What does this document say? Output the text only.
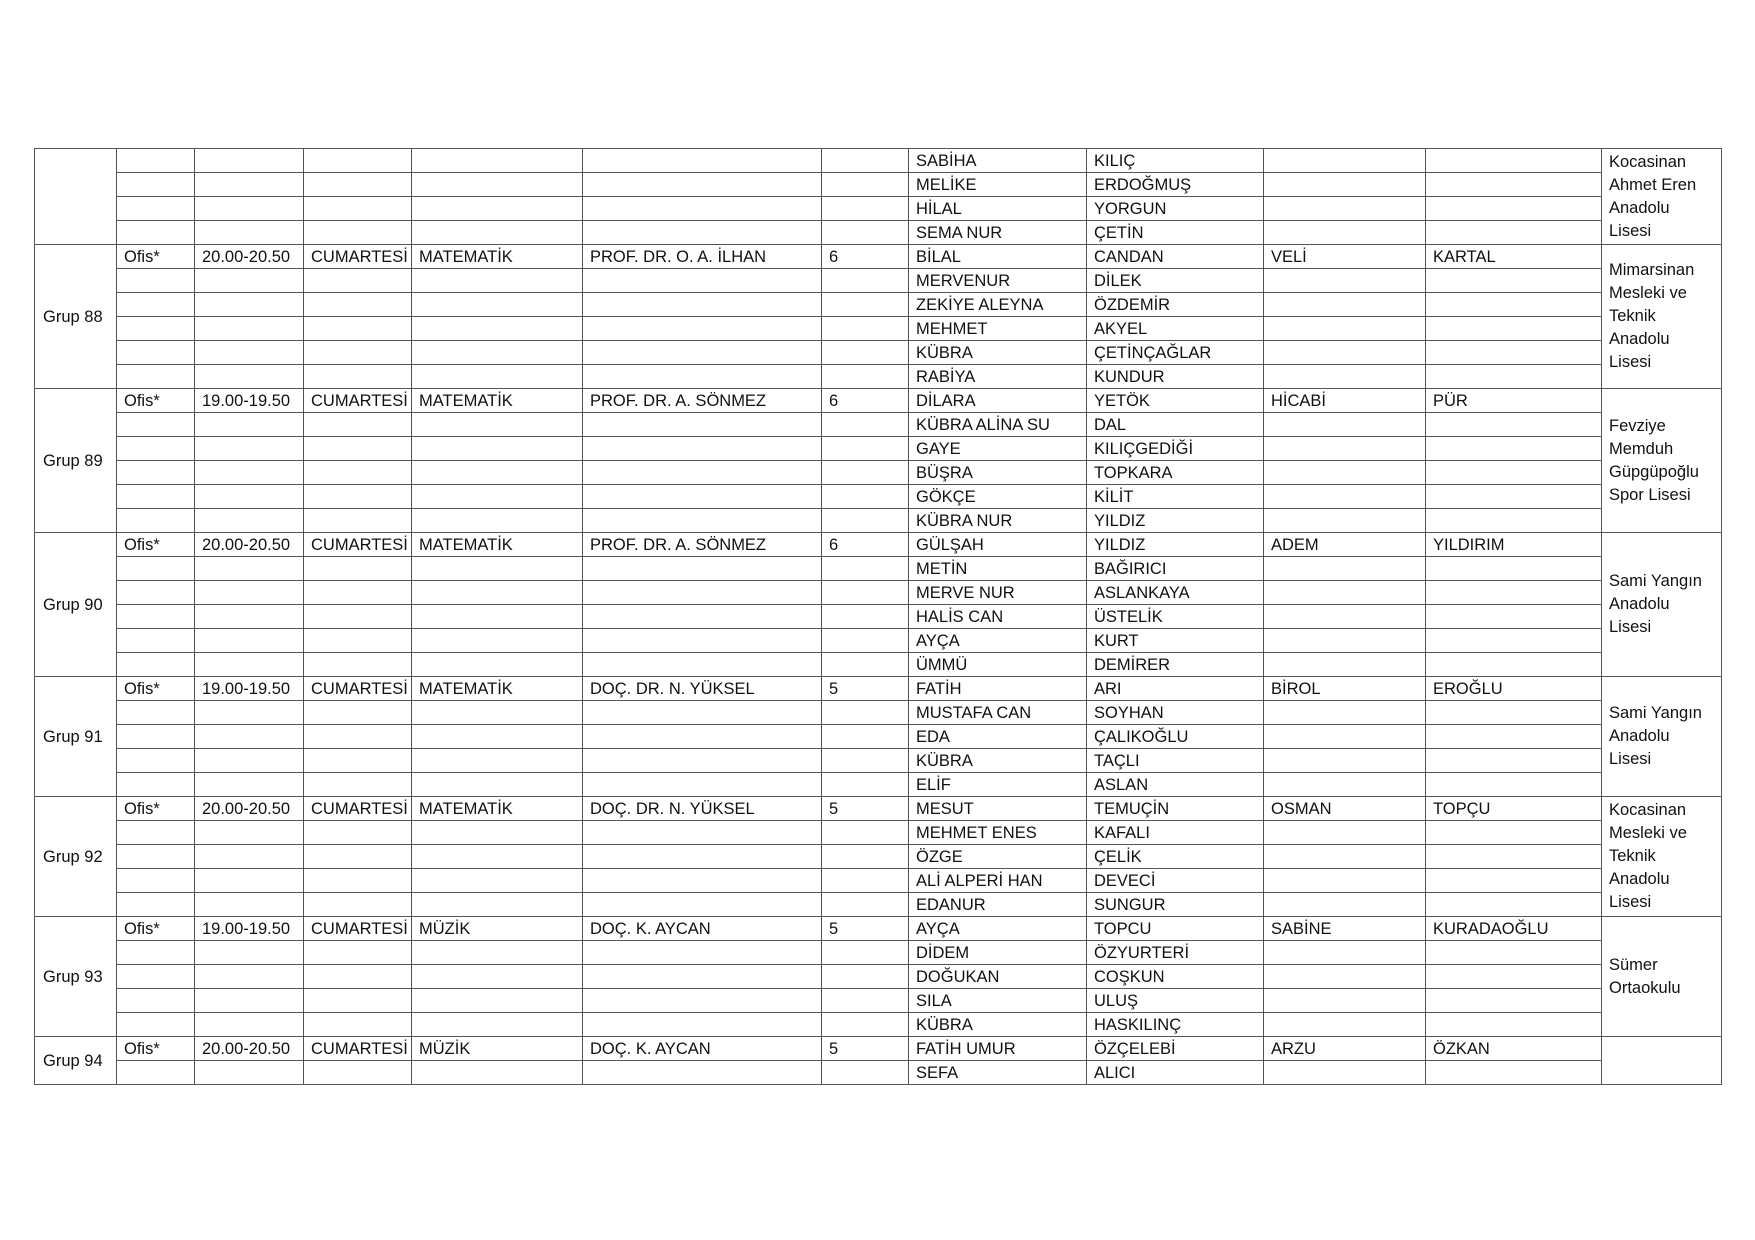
							SABİHA	KILIÇ			Kocasinan Ahmet Eren Anadolu Lisesi
							MELİKE	ERDOĞMUŞ			
							HİLAL	YORGUN			
							SEMA NUR	ÇETİN			
Grup 88	Ofis*	20.00-20.50	CUMARTESİ	MATEMATİK	PROF. DR. O. A. İLHAN	6	BİLAL	CANDAN	VELİ	KARTAL	Mimarsinan Mesleki ve Teknik Anadolu Lisesi
							MERVENUR	DİLEK			
							ZEKİYE ALEYNA	ÖZDEMİR			
							MEHMET	AKYEL			
							KÜBRA	ÇETİNÇAĞLAR			
							RABİYA	KUNDUR			
Grup 89	Ofis*	19.00-19.50	CUMARTESİ	MATEMATİK	PROF. DR. A. SÖNMEZ	6	DİLARA	YETÖK	HİCABİ	PÜR	Fevziye Memduh Güpgüpoğlu Spor Lisesi
							KÜBRA ALİNA SU	DAL			
							GAYE	KILIÇGEDİĞİ			
							BÜŞRA	TOPKARA			
							GÖKÇE	KİLİT			
							KÜBRA NUR	YILDIZ			
Grup 90	Ofis*	20.00-20.50	CUMARTESİ	MATEMATİK	PROF. DR. A. SÖNMEZ	6	GÜLŞAH	YILDIZ	ADEM	YILDIRIM	Sami Yangın Anadolu Lisesi
							METİN	BAĞIRICI			
							MERVE NUR	ASLANKAYA			
							HALİS CAN	ÜSTELİK			
							AYÇA	KURT			
							ÜMMÜ	DEMİRER			
Grup 91	Ofis*	19.00-19.50	CUMARTESİ	MATEMATİK	DOÇ. DR. N. YÜKSEL	5	FATİH	ARI	BİROL	EROĞLU	Sami Yangın Anadolu Lisesi
							MUSTAFA CAN	SOYHAN			
							EDA	ÇALIKOĞLU			
							KÜBRA	TAÇLI			
							ELİF	ASLAN			
Grup 92	Ofis*	20.00-20.50	CUMARTESİ	MATEMATİK	DOÇ. DR. N. YÜKSEL	5	MESUT	TEMUÇİN	OSMAN	TOPÇU	Kocasinan Mesleki ve Teknik Anadolu Lisesi
							MEHMET ENES	KAFALI			
							ÖZGE	ÇELİK			
							ALİ ALPERİ HAN	DEVECİ			
							EDANUR	SUNGUR			
Grup 93	Ofis*	19.00-19.50	CUMARTESİ	MÜZİK	DOÇ. K. AYCAN	5	AYÇA	TOPCU	SABİNE	KURADAOĞLU	Sümer Ortaokulu
							DİDEM	ÖZYURTERİ			
							DOĞUKAN	COŞKUN			
							SILA	ULUŞ			
							KÜBRA	HASKILINÇ			
Grup 94	Ofis*	20.00-20.50	CUMARTESİ	MÜZİK	DOÇ. K. AYCAN	5	FATİH UMUR	ÖZÇELEBİ	ARZU	ÖZKAN	
							SEFA	ALICI			
